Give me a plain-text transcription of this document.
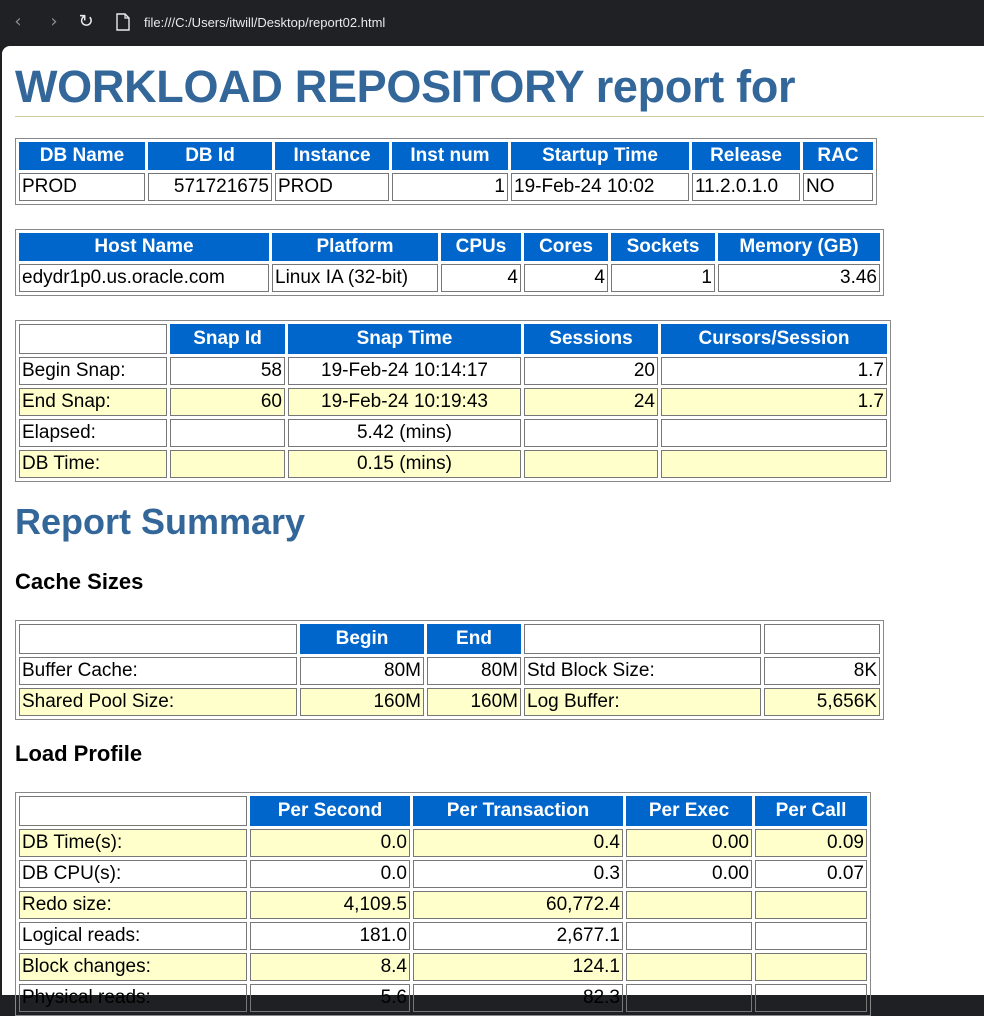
‹	›	↻	file:///C:/Users/itwill/Desktop/report02.html
WORKLOAD REPOSITORY report for
DB Name	DB Id	Instance	Inst num	Startup Time	Release	RAC
PROD	571721675	PROD	1	19-Feb-24 10:02	11.2.0.1.0	NO
Host Name	Platform	CPUs	Cores	Sockets	Memory (GB)
edydr1p0.us.oracle.com	Linux IA (32-bit)	4	4	1	3.46
	Snap Id	Snap Time	Sessions	Cursors/Session
Begin Snap:	58	19-Feb-24 10:14:17	20	1.7
End Snap:	60	19-Feb-24 10:19:43	24	1.7
Elapsed:		5.42 (mins)		
DB Time:		0.15 (mins)		
Report Summary
Cache Sizes
	Begin	End		
Buffer Cache:	80M	80M	Std Block Size:	8K
Shared Pool Size:	160M	160M	Log Buffer:	5,656K
Load Profile
	Per Second	Per Transaction	Per Exec	Per Call
DB Time(s):	0.0	0.4	0.00	0.09
DB CPU(s):	0.0	0.3	0.00	0.07
Redo size:	4,109.5	60,772.4		
Logical reads:	181.0	2,677.1		
Block changes:	8.4	124.1		
Physical reads:	5.6	82.3		
